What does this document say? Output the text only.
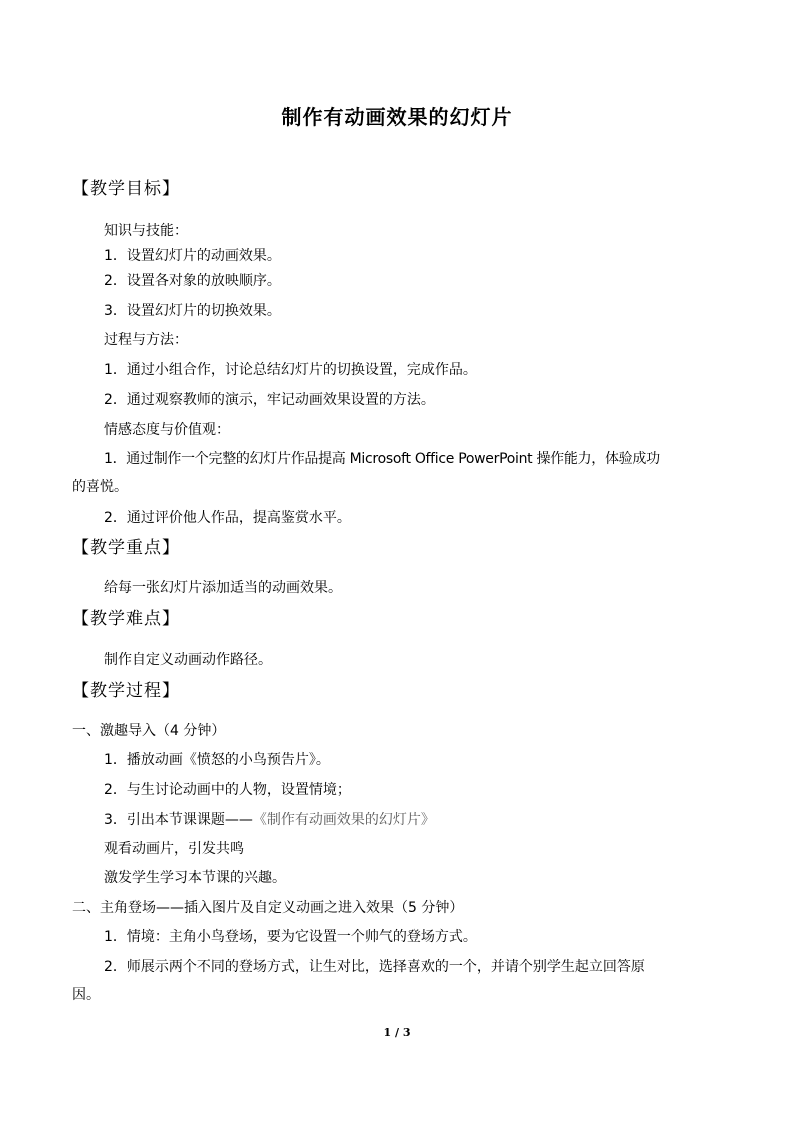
制作有动画效果的幻灯片
【教学目标】
知识与技能：
1．设置幻灯片的动画效果。
2．设置各对象的放映顺序。
3．设置幻灯片的切换效果。
过程与方法：
1．通过小组合作，讨论总结幻灯片的切换设置，完成作品。
2．通过观察教师的演示，牢记动画效果设置的方法。
情感态度与价值观：
1．通过制作一个完整的幻灯片作品提高 Microsoft Office PowerPoint 操作能力，体验成功
的喜悦。
2．通过评价他人作品，提高鉴赏水平。
【教学重点】
给每一张幻灯片添加适当的动画效果。
【教学难点】
制作自定义动画动作路径。
【教学过程】
一、激趣导入（4 分钟）
1．播放动画《愤怒的小鸟预告片》。
2．与生讨论动画中的人物，设置情境；
3．引出本节课课题——《制作有动画效果的幻灯片》
观看动画片，引发共鸣
激发学生学习本节课的兴趣。
二、主角登场——插入图片及自定义动画之进入效果（5 分钟）
1．情境：主角小鸟登场，要为它设置一个帅气的登场方式。
2．师展示两个不同的登场方式，让生对比，选择喜欢的一个，并请个别学生起立回答原
因。
1 / 3
